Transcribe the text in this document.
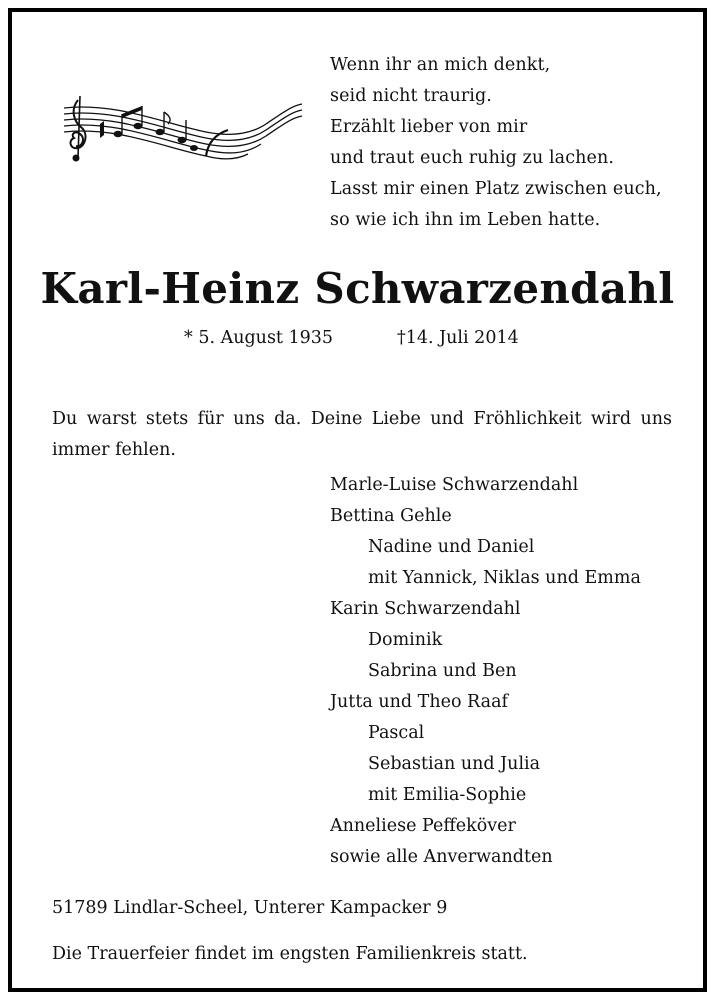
Wenn ihr an mich denkt,
seid nicht traurig.
Erzählt lieber von mir
und traut euch ruhig zu lachen.
Lasst mir einen Platz zwischen euch,
so wie ich ihn im Leben hatte.
Karl-Heinz Schwarzendahl
* 5. August 1935	†14. Juli 2014
Du warst stets für uns da. Deine Liebe und Fröhlichkeit wird uns
immer fehlen.
Marle-Luise Schwarzendahl
Bettina Gehle
Nadine und Daniel
mit Yannick, Niklas und Emma
Karin Schwarzendahl
Dominik
Sabrina und Ben
Jutta und Theo Raaf
Pascal
Sebastian und Julia
mit Emilia-Sophie
Anneliese Peffeköver
sowie alle Anverwandten
51789 Lindlar-Scheel, Unterer Kampacker 9
Die Trauerfeier findet im engsten Familienkreis statt.
